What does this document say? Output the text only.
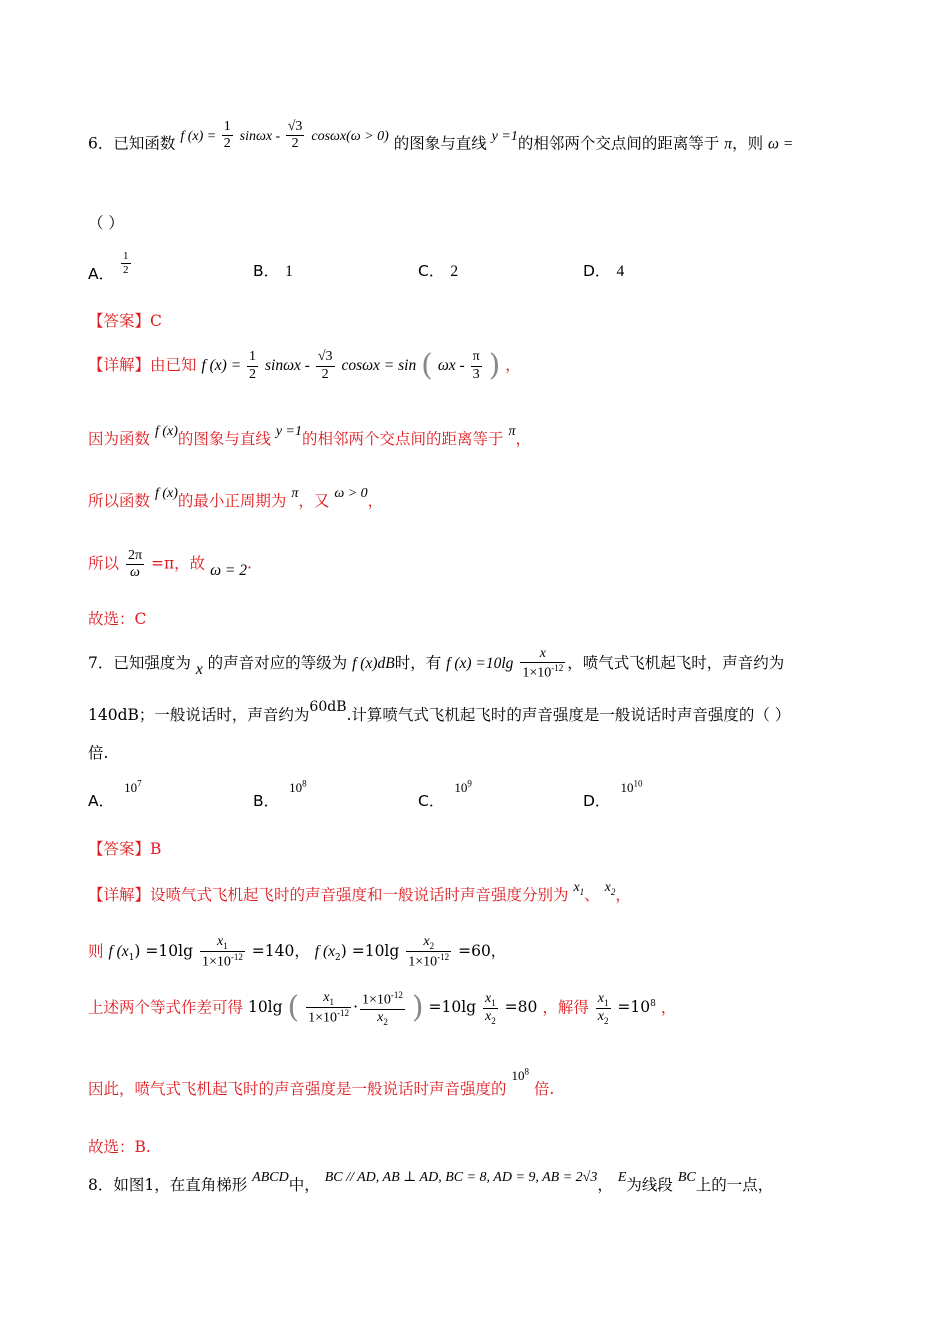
6．已知函数 f $(x) = \frac{1}{2}$ $\sin\omega x - \frac{√3}{2} \cos\omega x(\omega > 0)$ 的图象与直线 y =1的相邻两个交点间的距离等于 π，则 ω =
（ ）
A． $\frac{1}{2}$	B． 1	C． 2	D． 4
【答案】C
【详解】由已知 f $(x) = \frac{1}{2}$ sinωx - $\frac{√3}{2}$ cosωx = sin ( ωx - $\frac{\pi}{3}$ ) ，
因为函数 f (x)的图象与直线 y =1的相邻两个交点间的距离等于 π，
所以函数 f (x)的最小正周期为 π，又 ω > 0，
所以 $\frac{2\pi}{\omega} =\pi$，故 ω = 2.
故选：C
7．已知强度为 x 的声音对应的等级为 f (x)dB时，有 f $(x) =10\lg \frac{x}{1\times 10^{-12}}$ ，喷气式飞机起飞时，声音约为
140dB；一般说话时，声音约为60dB.计算喷气式飞机起飞时的声音强度是一般说话时声音强度的（ ）
倍.
A．$^{10^7}$
B．$^{10^8}$
C．$^{10^9}$
D．$^{10^{10}}$
【答案】B
【详解】设喷气式飞机起飞时的声音强度和一般说话时声音强度分别为 $x_1$、 $x_2$，
则 f $(x_1) =10\lg \frac{x_1}{1\times 10^{-12}} =140$， f $(x_2) =10\lg \frac{x_2}{1\times 10^{-12}} =60$，
上述两个等式作差可得 10lg ( $\frac{x_1}{1\times 10^{-12}} \cdot \frac{1\times 10^{-12}}{x_2}$ ) $=10\lg \frac{x_1}{x_2} =80$ ，解得 $\frac{x_1}{x_2} =10^8$ ，
因此，喷气式飞机起飞时的声音强度是一般说话时声音强度的 $^{10^8}$ 倍.
故选：B.
8．如图1，在直角梯形 ABCD中， BC // AD, AB ⊥ AD, BC = 8, AD = 9, AB = 2√3， E为线段 BC上的一点，
